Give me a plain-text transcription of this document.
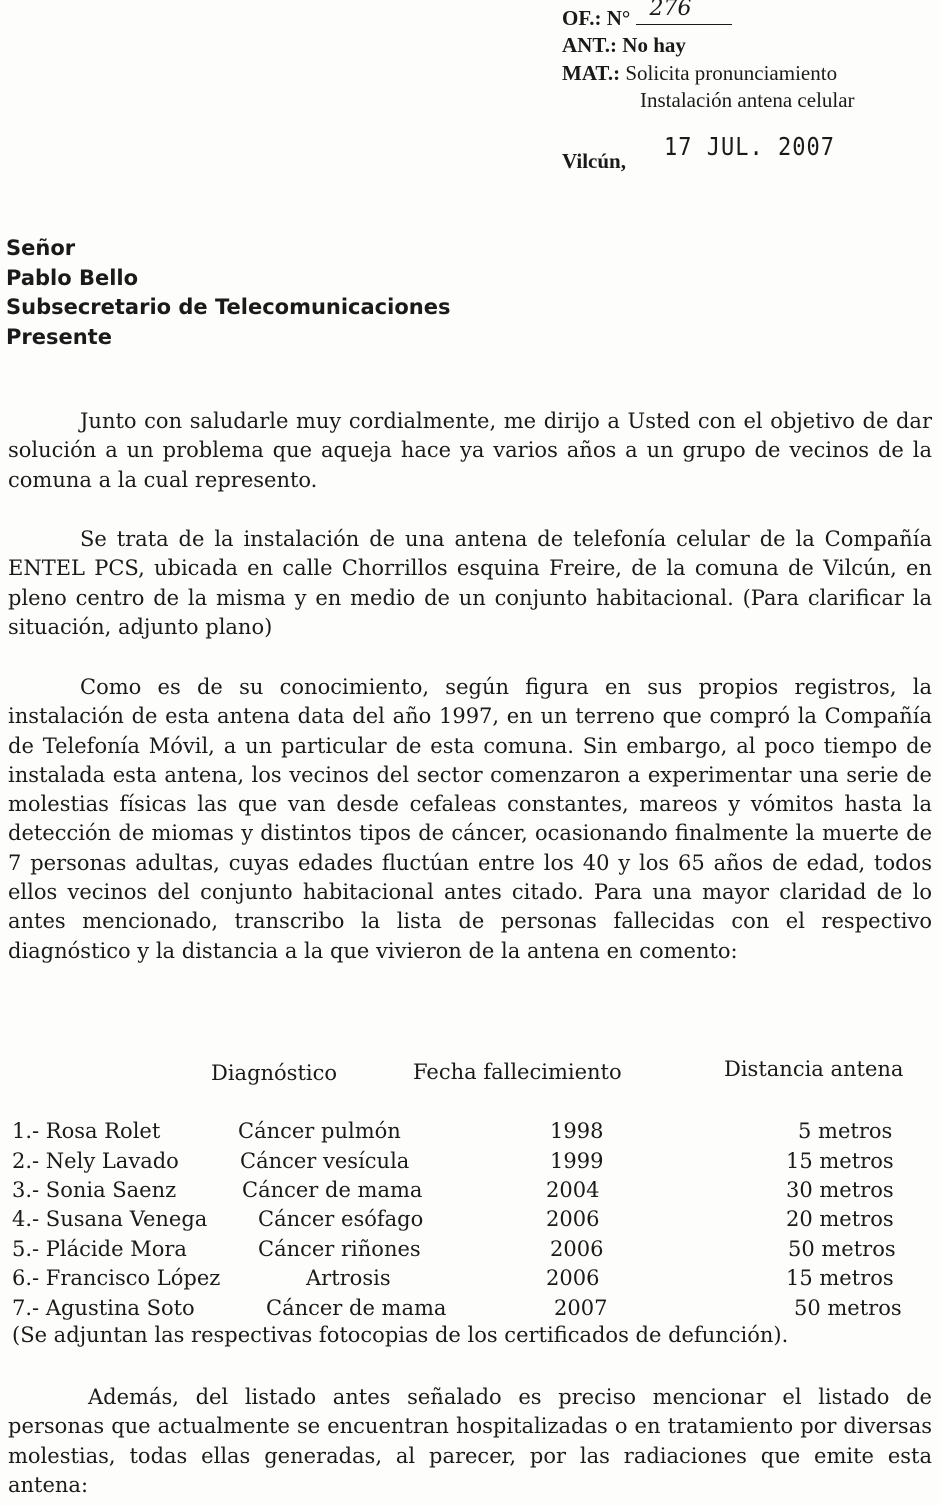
OF.: N° 276
ANT.: No hay
MAT.: Solicita pronunciamiento
Instalación antena celular
Vilcún, 17 JUL. 2007
Señor
Pablo Bello
Subsecretario de Telecomunicaciones
Presente
Junto con saludarle muy cordialmente, me dirijo a Usted con el objetivo de dar solución a un problema que aqueja hace ya varios años a un grupo de vecinos de la comuna a la cual represento.
Se trata de la instalación de una antena de telefonía celular de la Compañía ENTEL PCS, ubicada en calle Chorrillos esquina Freire, de la comuna de Vilcún, en pleno centro de la misma y en medio de un conjunto habitacional. (Para clarificar la situación, adjunto plano)
Como es de su conocimiento, según figura en sus propios registros, la instalación de esta antena data del año 1997, en un terreno que compró la Compañía de Telefonía Móvil, a un particular de esta comuna. Sin embargo, al poco tiempo de instalada esta antena, los vecinos del sector comenzaron a experimentar una serie de molestias físicas las que van desde cefaleas constantes, mareos y vómitos hasta la detección de miomas y distintos tipos de cáncer, ocasionando finalmente la muerte de 7 personas adultas, cuyas edades fluctúan entre los 40 y los 65 años de edad, todos ellos vecinos del conjunto habitacional antes citado. Para una mayor claridad de lo antes mencionado, transcribo la lista de personas fallecidas con el respectivo diagnóstico y la distancia a la que vivieron de la antena en comento:
Diagnóstico	Fecha fallecimiento	Distancia antena
1.- Rosa Rolet	Cáncer pulmón	1998	5 metros
2.- Nely Lavado	Cáncer vesícula	1999	15 metros
3.- Sonia Saenz	Cáncer de mama	2004	30 metros
4.- Susana Venega Cáncer esófago	2006	20 metros
5.- Plácide Mora	Cáncer riñones	2006	50 metros
6.- Francisco López	Artrosis	2006	15 metros
7.- Agustina Soto	Cáncer de mama	2007	50 metros
(Se adjuntan las respectivas fotocopias de los certificados de defunción).
Además, del listado antes señalado es preciso mencionar el listado de personas que actualmente se encuentran hospitalizadas o en tratamiento por diversas molestias, todas ellas generadas, al parecer, por las radiaciones que emite esta antena:
